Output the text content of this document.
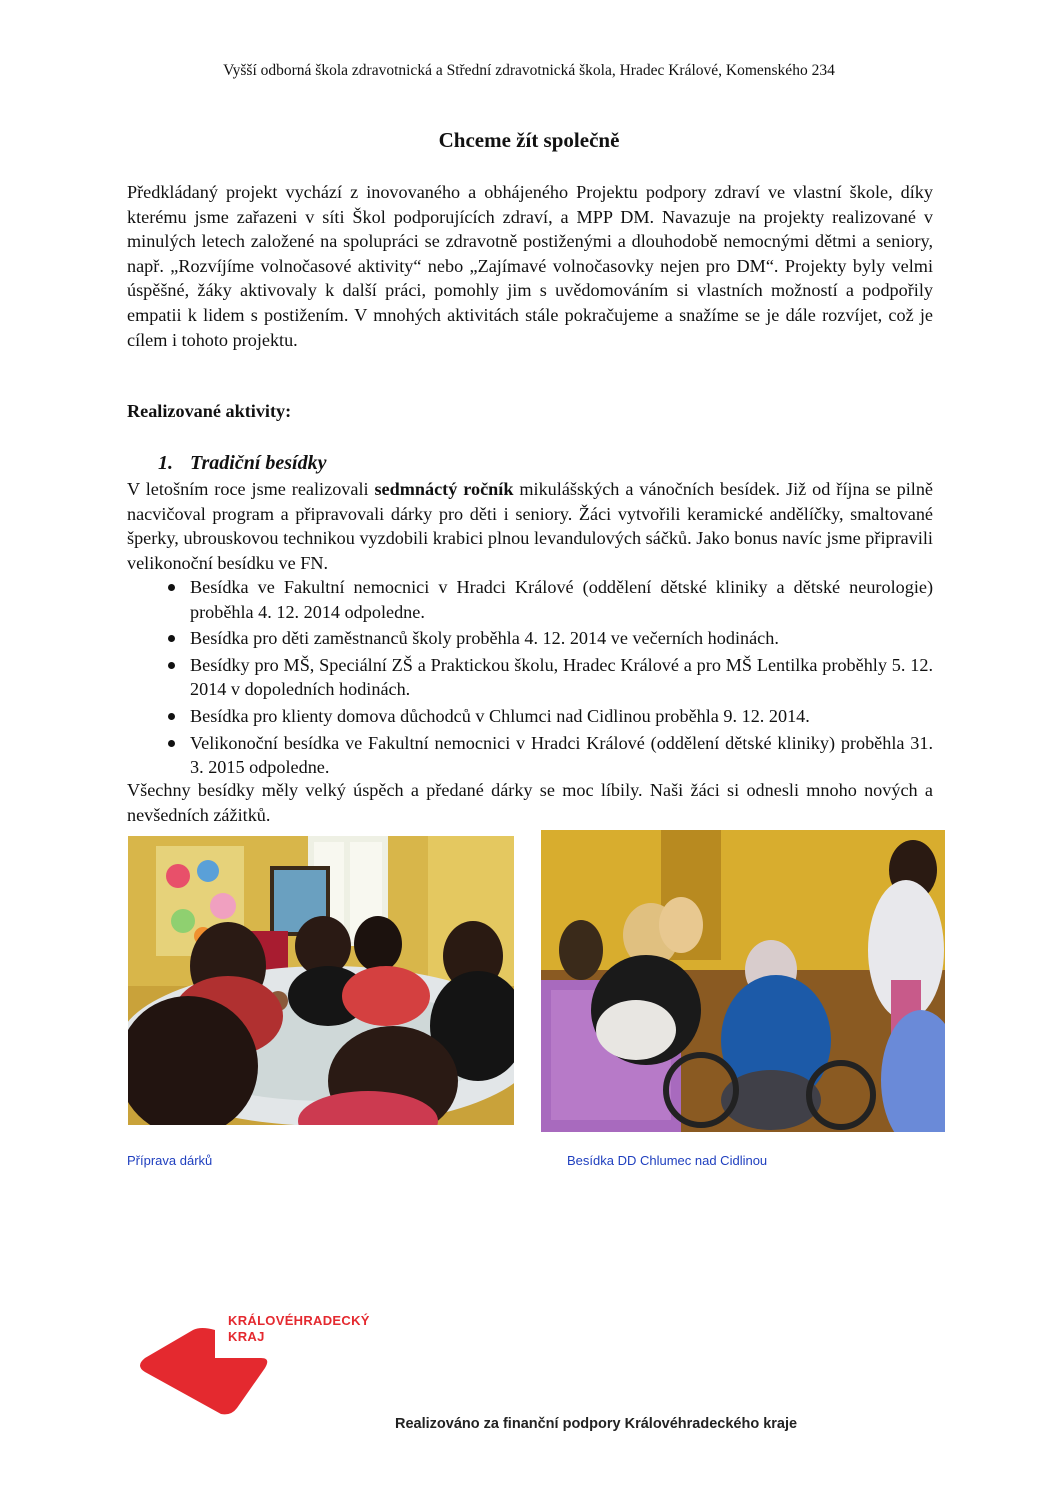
Vyšší odborná škola zdravotnická a Střední zdravotnická škola, Hradec Králové, Komenského 234
Chceme žít společně

Předkládaný projekt vychází z inovovaného a obhájeného Projektu podpory zdraví ve vlastní škole, díky kterému jsme zařazeni v síti Škol podporujících zdraví, a MPP DM. Navazuje na projekty realizované v minulých letech založené na spolupráci se zdravotně postiženými a dlouhodobě nemocnými dětmi a seniory, např. „Rozvíjíme volnočasové aktivity“ nebo „Zajímavé volnočasovky nejen pro DM“. Projekty byly velmi úspěšné, žáky aktivovaly k další práci, pomohly jim s uvědomováním si vlastních možností a podpořily empatii k lidem s postižením. V mnohých aktivitách stále pokračujeme a snažíme se je dále rozvíjet, což je cílem i tohoto projektu.

Realizované aktivity:
1. Tradiční besídky

V letošním roce jsme realizovali sedmnáctý ročník mikulášských a vánočních besídek. Již od října se pilně nacvičoval program a připravovali dárky pro děti i seniory. Žáci vytvořili keramické andělíčky, smaltované šperky, ubrouskovou technikou vyzdobili krabici plnou levandulových sáčků. Jako bonus navíc jsme připravili velikonoční besídku ve FN.

Besídka ve Fakultní nemocnici v Hradci Králové (oddělení dětské kliniky a dětské neurologie) proběhla 4. 12. 2014 odpoledne.
Besídka pro děti zaměstnanců školy proběhla 4. 12. 2014 ve večerních hodinách.
Besídky pro MŠ, Speciální ZŠ a Praktickou školu, Hradec Králové a pro MŠ Lentilka proběhly 5. 12. 2014 v dopoledních hodinách.
Besídka pro klienty domova důchodců v Chlumci nad Cidlinou proběhla 9. 12. 2014.
Velikonoční besídka ve Fakultní nemocnici v Hradci Králové (oddělení dětské kliniky) proběhla 31. 3. 2015 odpoledne.

Všechny besídky měly velký úspěch a předané dárky se moc líbily. Naši žáci si odnesli mnoho nových a nevšedních zážitků.

Příprava dárků	Besídka DD Chlumec nad Cidlinou
KRÁLOVÉHRADECKÝ
KRAJ
Realizováno za finanční podpory Královéhradeckého kraje
